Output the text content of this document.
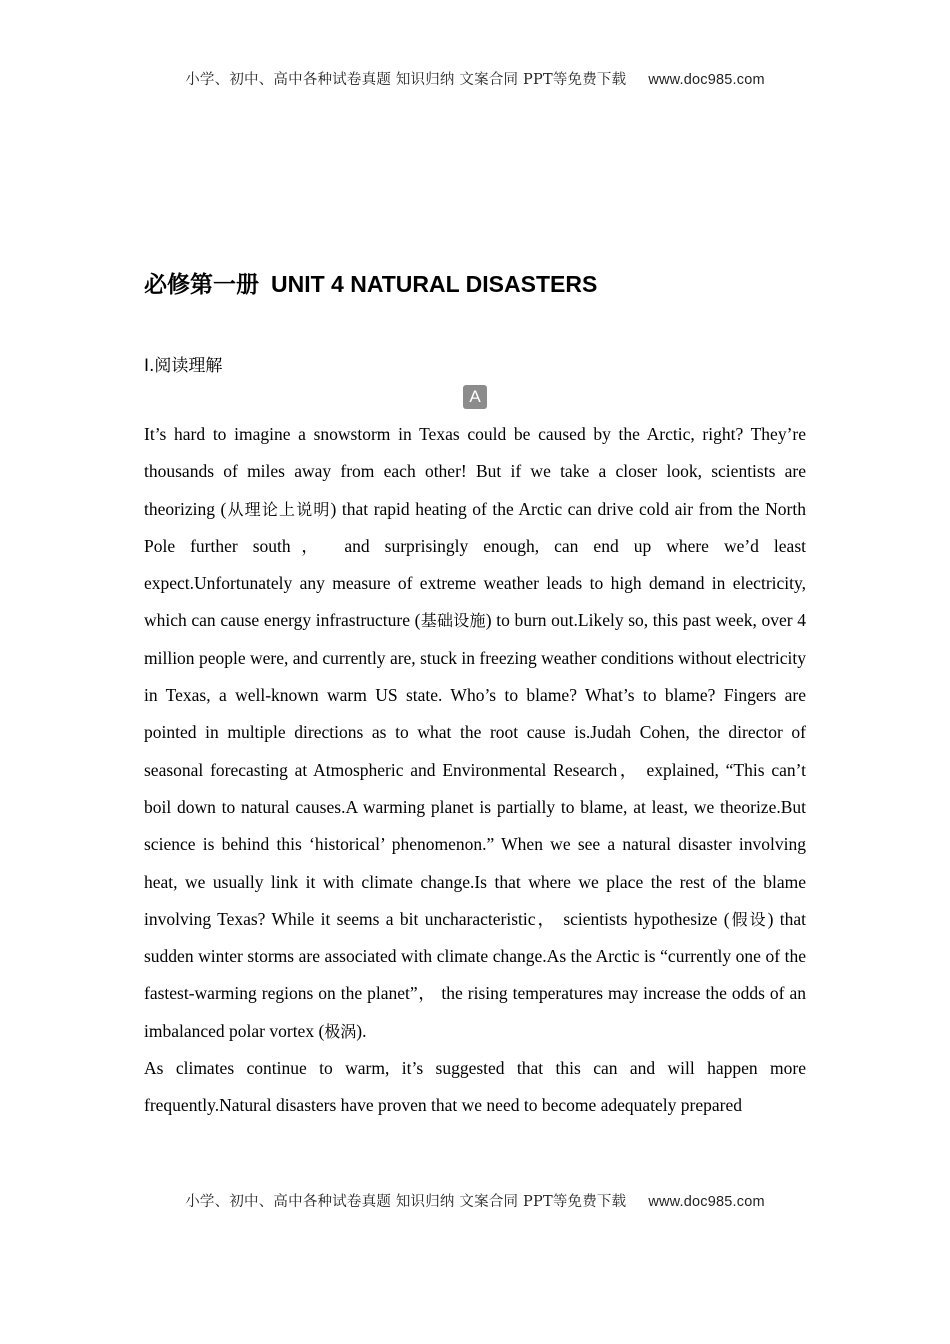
小学、初中、高中各种试卷真题 知识归纳 文案合同 PPT等免费下载 www.doc985.com
必修第一册 UNIT 4 NATURAL DISASTERS
Ⅰ.阅读理解
A

It’s hard to imagine a snowstorm in Texas could be caused by the Arctic, right? They’re thousands of miles away from each other! But if we take a closer look, scientists are theorizing (从理论上说明) that rapid heating of the Arctic can drive cold air from the North Pole further south， and surprisingly enough, can end up where we’d least expect.Unfortunately any measure of extreme weather leads to high demand in electricity, which can cause energy infrastructure (基础设施) to burn out.Likely so, this past week, over 4 million people were, and currently are, stuck in freezing weather conditions without electricity in Texas, a well-known warm US state. Who’s to blame? What’s to blame? Fingers are pointed in multiple directions as to what the root cause is.Judah Cohen, the director of seasonal forecasting at Atmospheric and Environmental Research， explained, “This can’t boil down to natural causes.A warming planet is partially to blame, at least, we theorize.But science is behind this ‘historical’ phenomenon.” When we see a natural disaster involving heat, we usually link it with climate change.Is that where we place the rest of the blame involving Texas? While it seems a bit uncharacteristic， scientists hypothesize (假设) that sudden winter storms are associated with climate change.As the Arctic is “currently one of the fastest-warming regions on the planet”， the rising temperatures may increase the odds of an imbalanced polar vortex (极涡).

As climates continue to warm, it’s suggested that this can and will happen more frequently.Natural disasters have proven that we need to become adequately prepared

小学、初中、高中各种试卷真题 知识归纳 文案合同 PPT等免费下载 www.doc985.com
